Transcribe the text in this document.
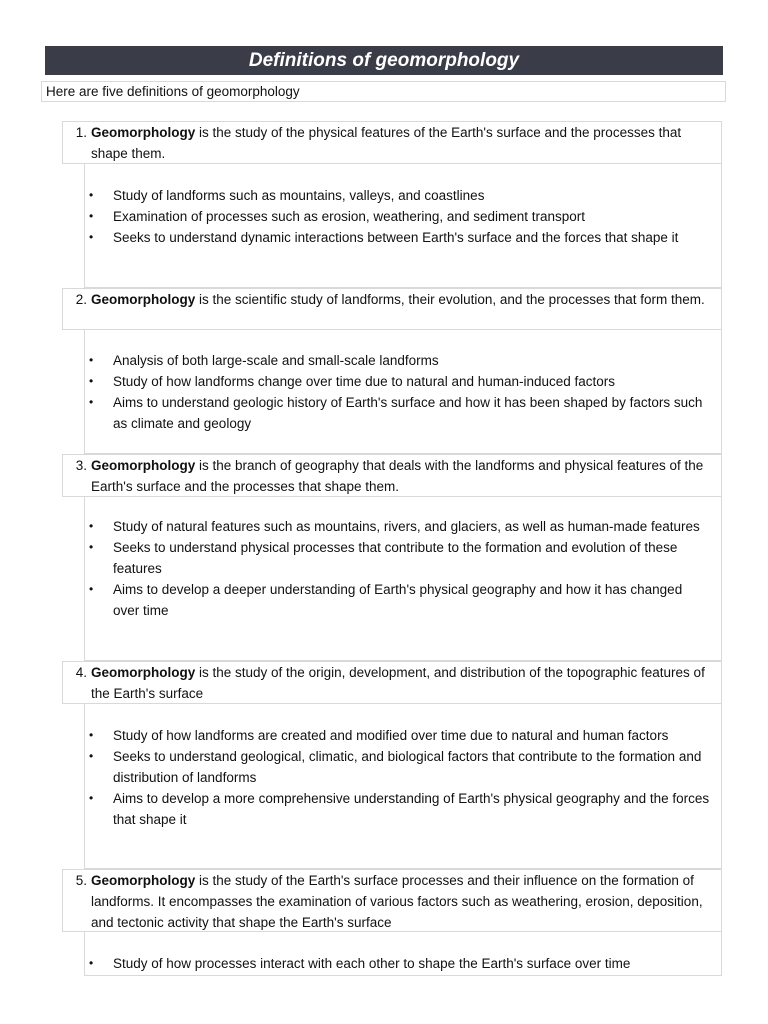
Definitions of geomorphology
Here are five definitions of geomorphology
1. Geomorphology is the study of the physical features of the Earth's surface and the processes that shape them.
•	Study of landforms such as mountains, valleys, and coastlines
•	Examination of processes such as erosion, weathering, and sediment transport
•	Seeks to understand dynamic interactions between Earth's surface and the forces that shape it
2. Geomorphology is the scientific study of landforms, their evolution, and the processes that form them.
•	Analysis of both large-scale and small-scale landforms
•	Study of how landforms change over time due to natural and human-induced factors
•	Aims to understand geologic history of Earth's surface and how it has been shaped by factors such as climate and geology
3. Geomorphology is the branch of geography that deals with the landforms and physical features of the Earth's surface and the processes that shape them.
•	Study of natural features such as mountains, rivers, and glaciers, as well as human-made features
•	Seeks to understand physical processes that contribute to the formation and evolution of these features
•	Aims to develop a deeper understanding of Earth's physical geography and how it has changed over time
4. Geomorphology is the study of the origin, development, and distribution of the topographic features of the Earth's surface
•	Study of how landforms are created and modified over time due to natural and human factors
•	Seeks to understand geological, climatic, and biological factors that contribute to the formation and distribution of landforms
•	Aims to develop a more comprehensive understanding of Earth's physical geography and the forces that shape it
5. Geomorphology is the study of the Earth's surface processes and their influence on the formation of landforms. It encompasses the examination of various factors such as weathering, erosion, deposition, and tectonic activity that shape the Earth's surface
•	Study of how processes interact with each other to shape the Earth's surface over time
